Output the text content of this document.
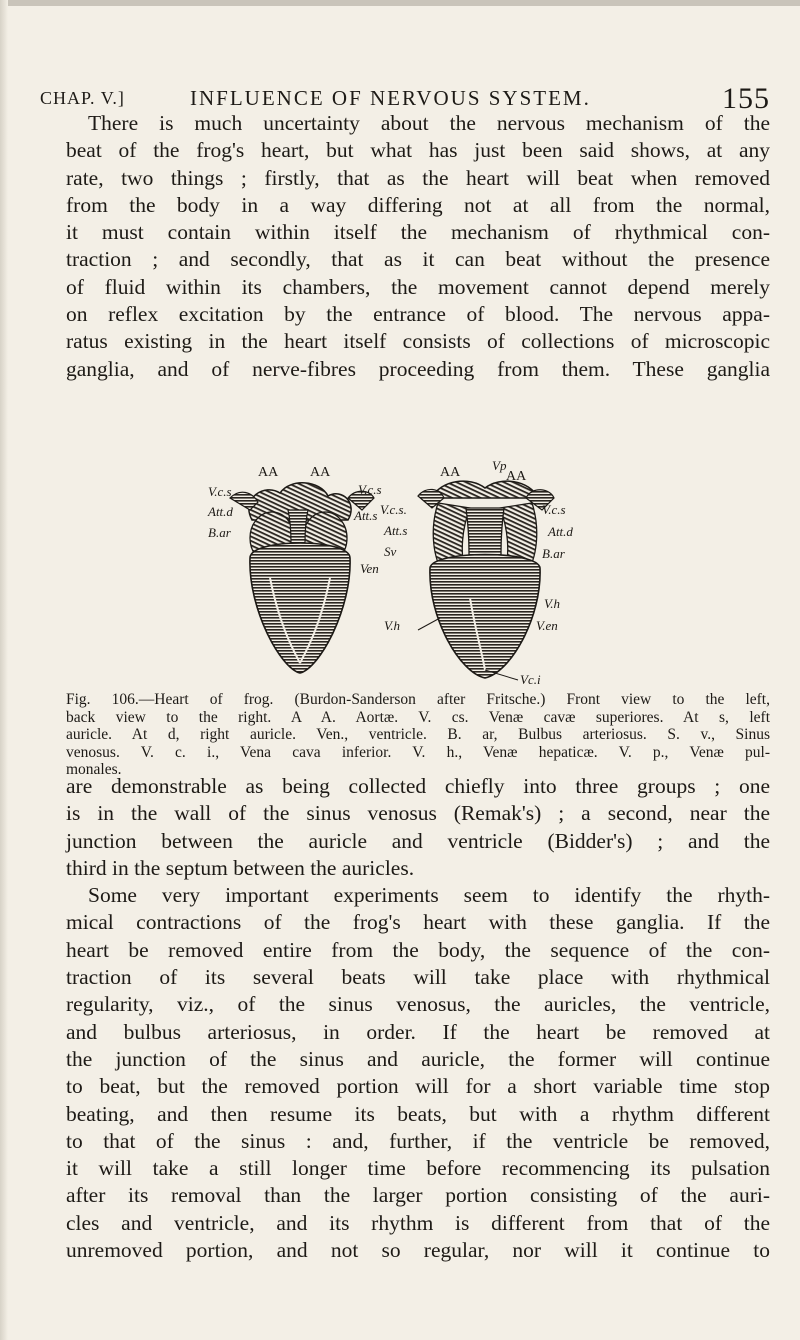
CHAP. V.]	INFLUENCE OF NERVOUS SYSTEM.	155
There is much uncertainty about the nervous mechanism of the
beat of the frog's heart, but what has just been said shows, at any
rate, two things ; firstly, that as the heart will beat when removed
from the body in a way differing not at all from the normal,
it must contain within itself the mechanism of rhythmical con-
traction ; and secondly, that as it can beat without the presence
of fluid within its chambers, the movement cannot depend merely
on reflex excitation by the entrance of blood. The nervous appa-
ratus existing in the heart itself consists of collections of microscopic
ganglia, and of nerve-fibres proceeding from them. These ganglia
AA AA
V.c.s
Att.d
B.ar
V.c.s
Att.s
Ven
AA Vp
AA
V.c.s.
Att.s
Sv
V.h
V.c.s
Att.d
B.ar
V.h
V.en
Vc.i
Fig. 106.—Heart of frog. (Burdon-Sanderson after Fritsche.) Front view to the left,
back view to the right. A A. Aortæ. V. cs. Venæ cavæ superiores. At s, left
auricle. At d, right auricle. Ven., ventricle. B. ar, Bulbus arteriosus. S. v., Sinus
venosus. V. c. i., Vena cava inferior. V. h., Venæ hepaticæ. V. p., Venæ pul-
monales.
are demonstrable as being collected chiefly into three groups ; one
is in the wall of the sinus venosus (Remak's) ; a second, near the
junction between the auricle and ventricle (Bidder's) ; and the
third in the septum between the auricles.
Some very important experiments seem to identify the rhyth-
mical contractions of the frog's heart with these ganglia. If the
heart be removed entire from the body, the sequence of the con-
traction of its several beats will take place with rhythmical
regularity, viz., of the sinus venosus, the auricles, the ventricle,
and bulbus arteriosus, in order. If the heart be removed at
the junction of the sinus and auricle, the former will continue
to beat, but the removed portion will for a short variable time stop
beating, and then resume its beats, but with a rhythm different
to that of the sinus : and, further, if the ventricle be removed,
it will take a still longer time before recommencing its pulsation
after its removal than the larger portion consisting of the auri-
cles and ventricle, and its rhythm is different from that of the
unremoved portion, and not so regular, nor will it continue to
